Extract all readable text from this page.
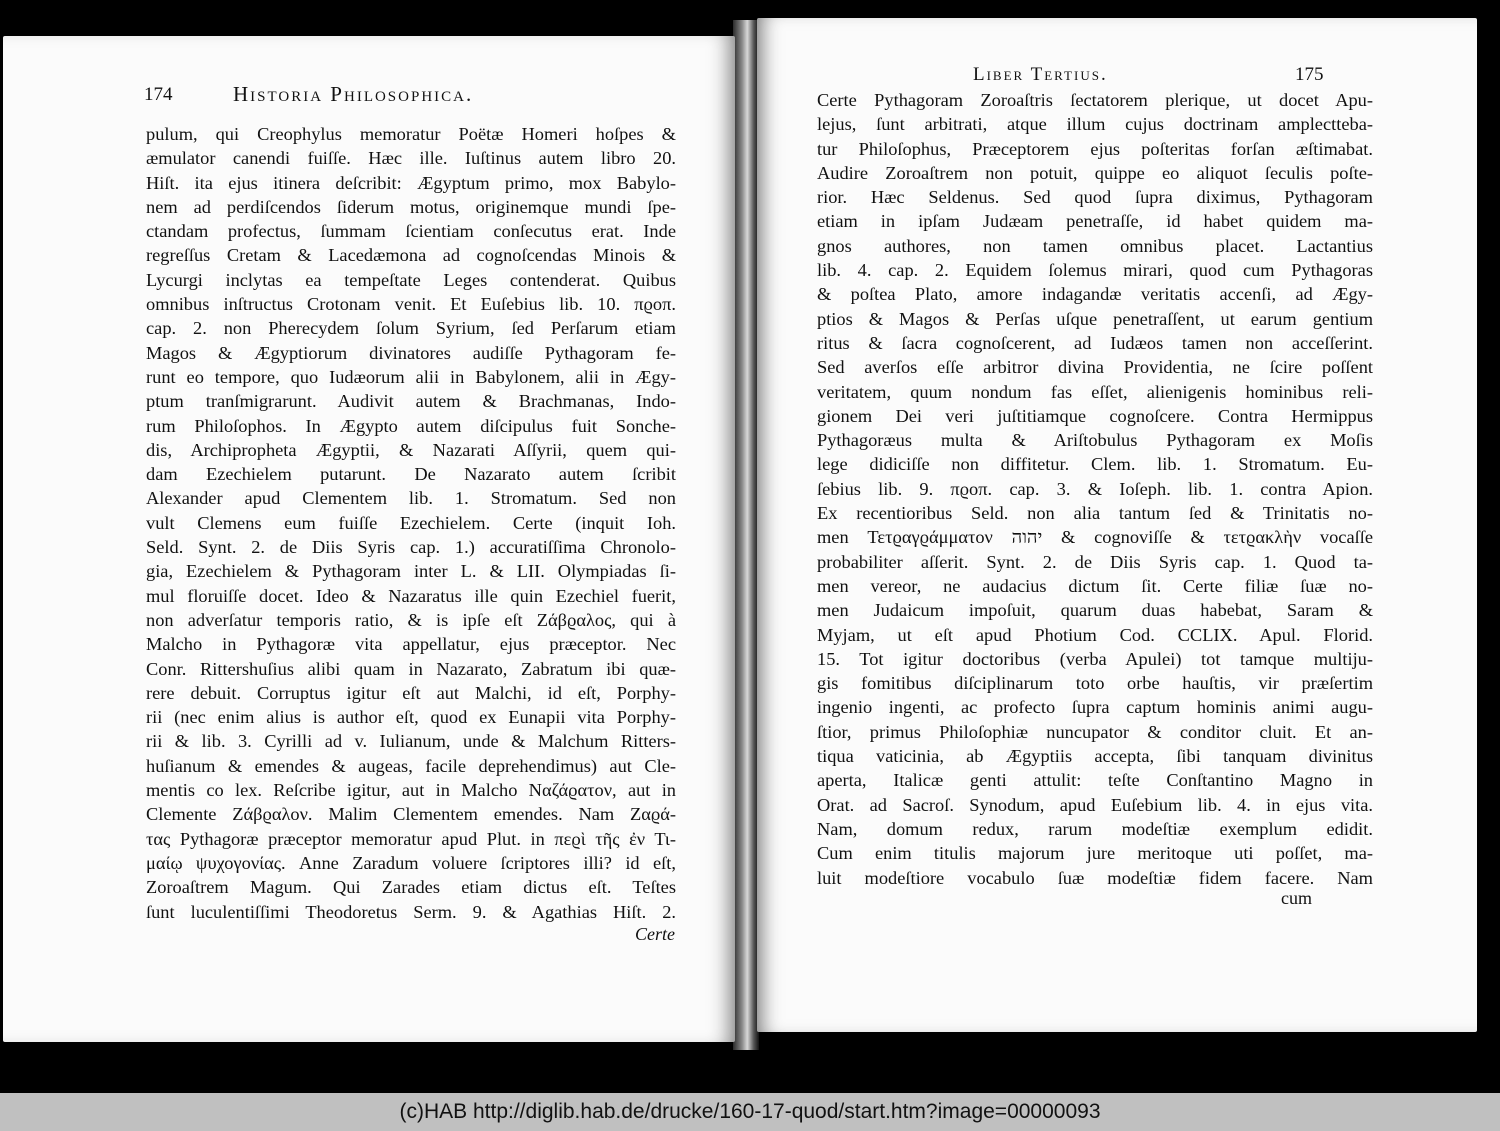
174	Historia Philosophica.
pulum, qui Creophylus memoratur Poëtæ Homeri hoſpes &
æmulator canendi fuiſſe. Hæc ille. Iuſtinus autem libro 20.
Hiſt. ita ejus itinera deſcribit: Ægyptum primo, mox Babylo-
nem ad perdiſcendos ſiderum motus, originemque mundi ſpe-
ctandam profectus, ſummam ſcientiam conſecutus erat. Inde
regreſſus Cretam & Lacedæmona ad cognoſcendas Minois &
Lycurgi inclytas ea tempeſtate Leges contenderat. Quibus
omnibus inſtructus Crotonam venit. Et Euſebius lib. 10. πϱοπ.
cap. 2. non Pherecydem ſolum Syrium, ſed Perſarum etiam
Magos & Ægyptiorum divinatores audiſſe Pythagoram fe-
runt eo tempore, quo Iudæorum alii in Babylonem, alii in Ægy-
ptum tranſmigrarunt. Audivit autem & Brachmanas, Indo-
rum Philoſophos. In Ægypto autem diſcipulus fuit Sonche-
dis, Archipropheta Ægyptii, & Nazarati Aſſyrii, quem qui-
dam Ezechielem putarunt. De Nazarato autem ſcribit
Alexander apud Clementem lib. 1. Stromatum. Sed non
vult Clemens eum fuiſſe Ezechielem. Certe (inquit Ioh.
Seld. Synt. 2. de Diis Syris cap. 1.) accuratiſſima Chronolo-
gia, Ezechielem & Pythagoram inter L. & LII. Olympiadas ſi-
mul floruiſſe docet. Ideo & Nazaratus ille quin Ezechiel fuerit,
non adverſatur temporis ratio, & is ipſe eſt Ζάβϱαλος, qui à
Malcho in Pythagoræ vita appellatur, ejus præceptor. Nec
Conr. Rittershuſius alibi quam in Nazarato, Zabratum ibi quæ-
rere debuit. Corruptus igitur eſt aut Malchi, id eſt, Porphy-
rii (nec enim alius is author eſt, quod ex Eunapii vita Porphy-
rii & lib. 3. Cyrilli ad v. Iulianum, unde & Malchum Ritters-
huſianum & emendes & augeas, facile deprehendimus) aut Cle-
mentis co lex. Reſcribe igitur, aut in Malcho Ναζάϱατον, aut in
Clemente Ζάβϱαλον. Malim Clementem emendes. Nam Ζαϱά-
τας Pythagoræ præceptor memoratur apud Plut. in πεϱὶ τῆς ἐν Τι-
μαίῳ ψυχογονίας. Anne Zaradum voluere ſcriptores illi? id eſt,
Zoroaſtrem Magum. Qui Zarades etiam dictus eſt. Teſtes
ſunt luculentiſſimi Theodoretus Serm. 9. & Agathias Hiſt. 2.
Certe
Liber Tertius.	175
Certe Pythagoram Zoroaſtris ſectatorem plerique, ut docet Apu-
lejus, ſunt arbitrati, atque illum cujus doctrinam amplectteba-
tur Philoſophus, Præceptorem ejus poſteritas forſan æſtimabat.
Audire Zoroaſtrem non potuit, quippe eo aliquot ſeculis poſte-
rior. Hæc Seldenus. Sed quod ſupra diximus, Pythagoram
etiam in ipſam Judæam penetraſſe, id habet quidem ma-
gnos authores, non tamen omnibus placet. Lactantius
lib. 4. cap. 2. Equidem ſolemus mirari, quod cum Pythagoras
& poſtea Plato, amore indagandæ veritatis accenſi, ad Ægy-
ptios & Magos & Perſas uſque penetraſſent, ut earum gentium
ritus & ſacra cognoſcerent, ad Iudæos tamen non acceſſerint.
Sed averſos eſſe arbitror divina Providentia, ne ſcire poſſent
veritatem, quum nondum fas eſſet, alienigenis hominibus reli-
gionem Dei veri juſtitiamque cognoſcere. Contra Hermippus
Pythagoræus multa & Ariſtobulus Pythagoram ex Moſis
lege didiciſſe non diffitetur. Clem. lib. 1. Stromatum. Eu-
ſebius lib. 9. πϱοπ. cap. 3. & Ioſeph. lib. 1. contra Apion.
Ex recentioribus Seld. non alia tantum ſed & Trinitatis no-
men Τετϱαγϱάμματον יהוה & cognoviſſe & τετϱακλὴν vocaſſe
probabiliter aſſerit. Synt. 2. de Diis Syris cap. 1. Quod ta-
men vereor, ne audacius dictum ſit. Certe filiæ ſuæ no-
men Judaicum impoſuit, quarum duas habebat, Saram &
Myjam, ut eſt apud Photium Cod. CCLIX. Apul. Florid.
15. Tot igitur doctoribus (verba Apulei) tot tamque multiju-
gis fomitibus diſciplinarum toto orbe hauſtis, vir præſertim
ingenio ingenti, ac profecto ſupra captum hominis animi augu-
ſtior, primus Philoſophiæ nuncupator & conditor cluit. Et an-
tiqua vaticinia, ab Ægyptiis accepta, ſibi tanquam divinitus
aperta, Italicæ genti attulit: teſte Conſtantino Magno in
Orat. ad Sacroſ. Synodum, apud Euſebium lib. 4. in ejus vita.
Nam, domum redux, rarum modeſtiæ exemplum edidit.
Cum enim titulis majorum jure meritoque uti poſſet, ma-
luit modeſtiore vocabulo ſuæ modeſtiæ fidem facere. Nam
cum
(c)HAB http://diglib.hab.de/drucke/160-17-quod/start.htm?image=00000093
